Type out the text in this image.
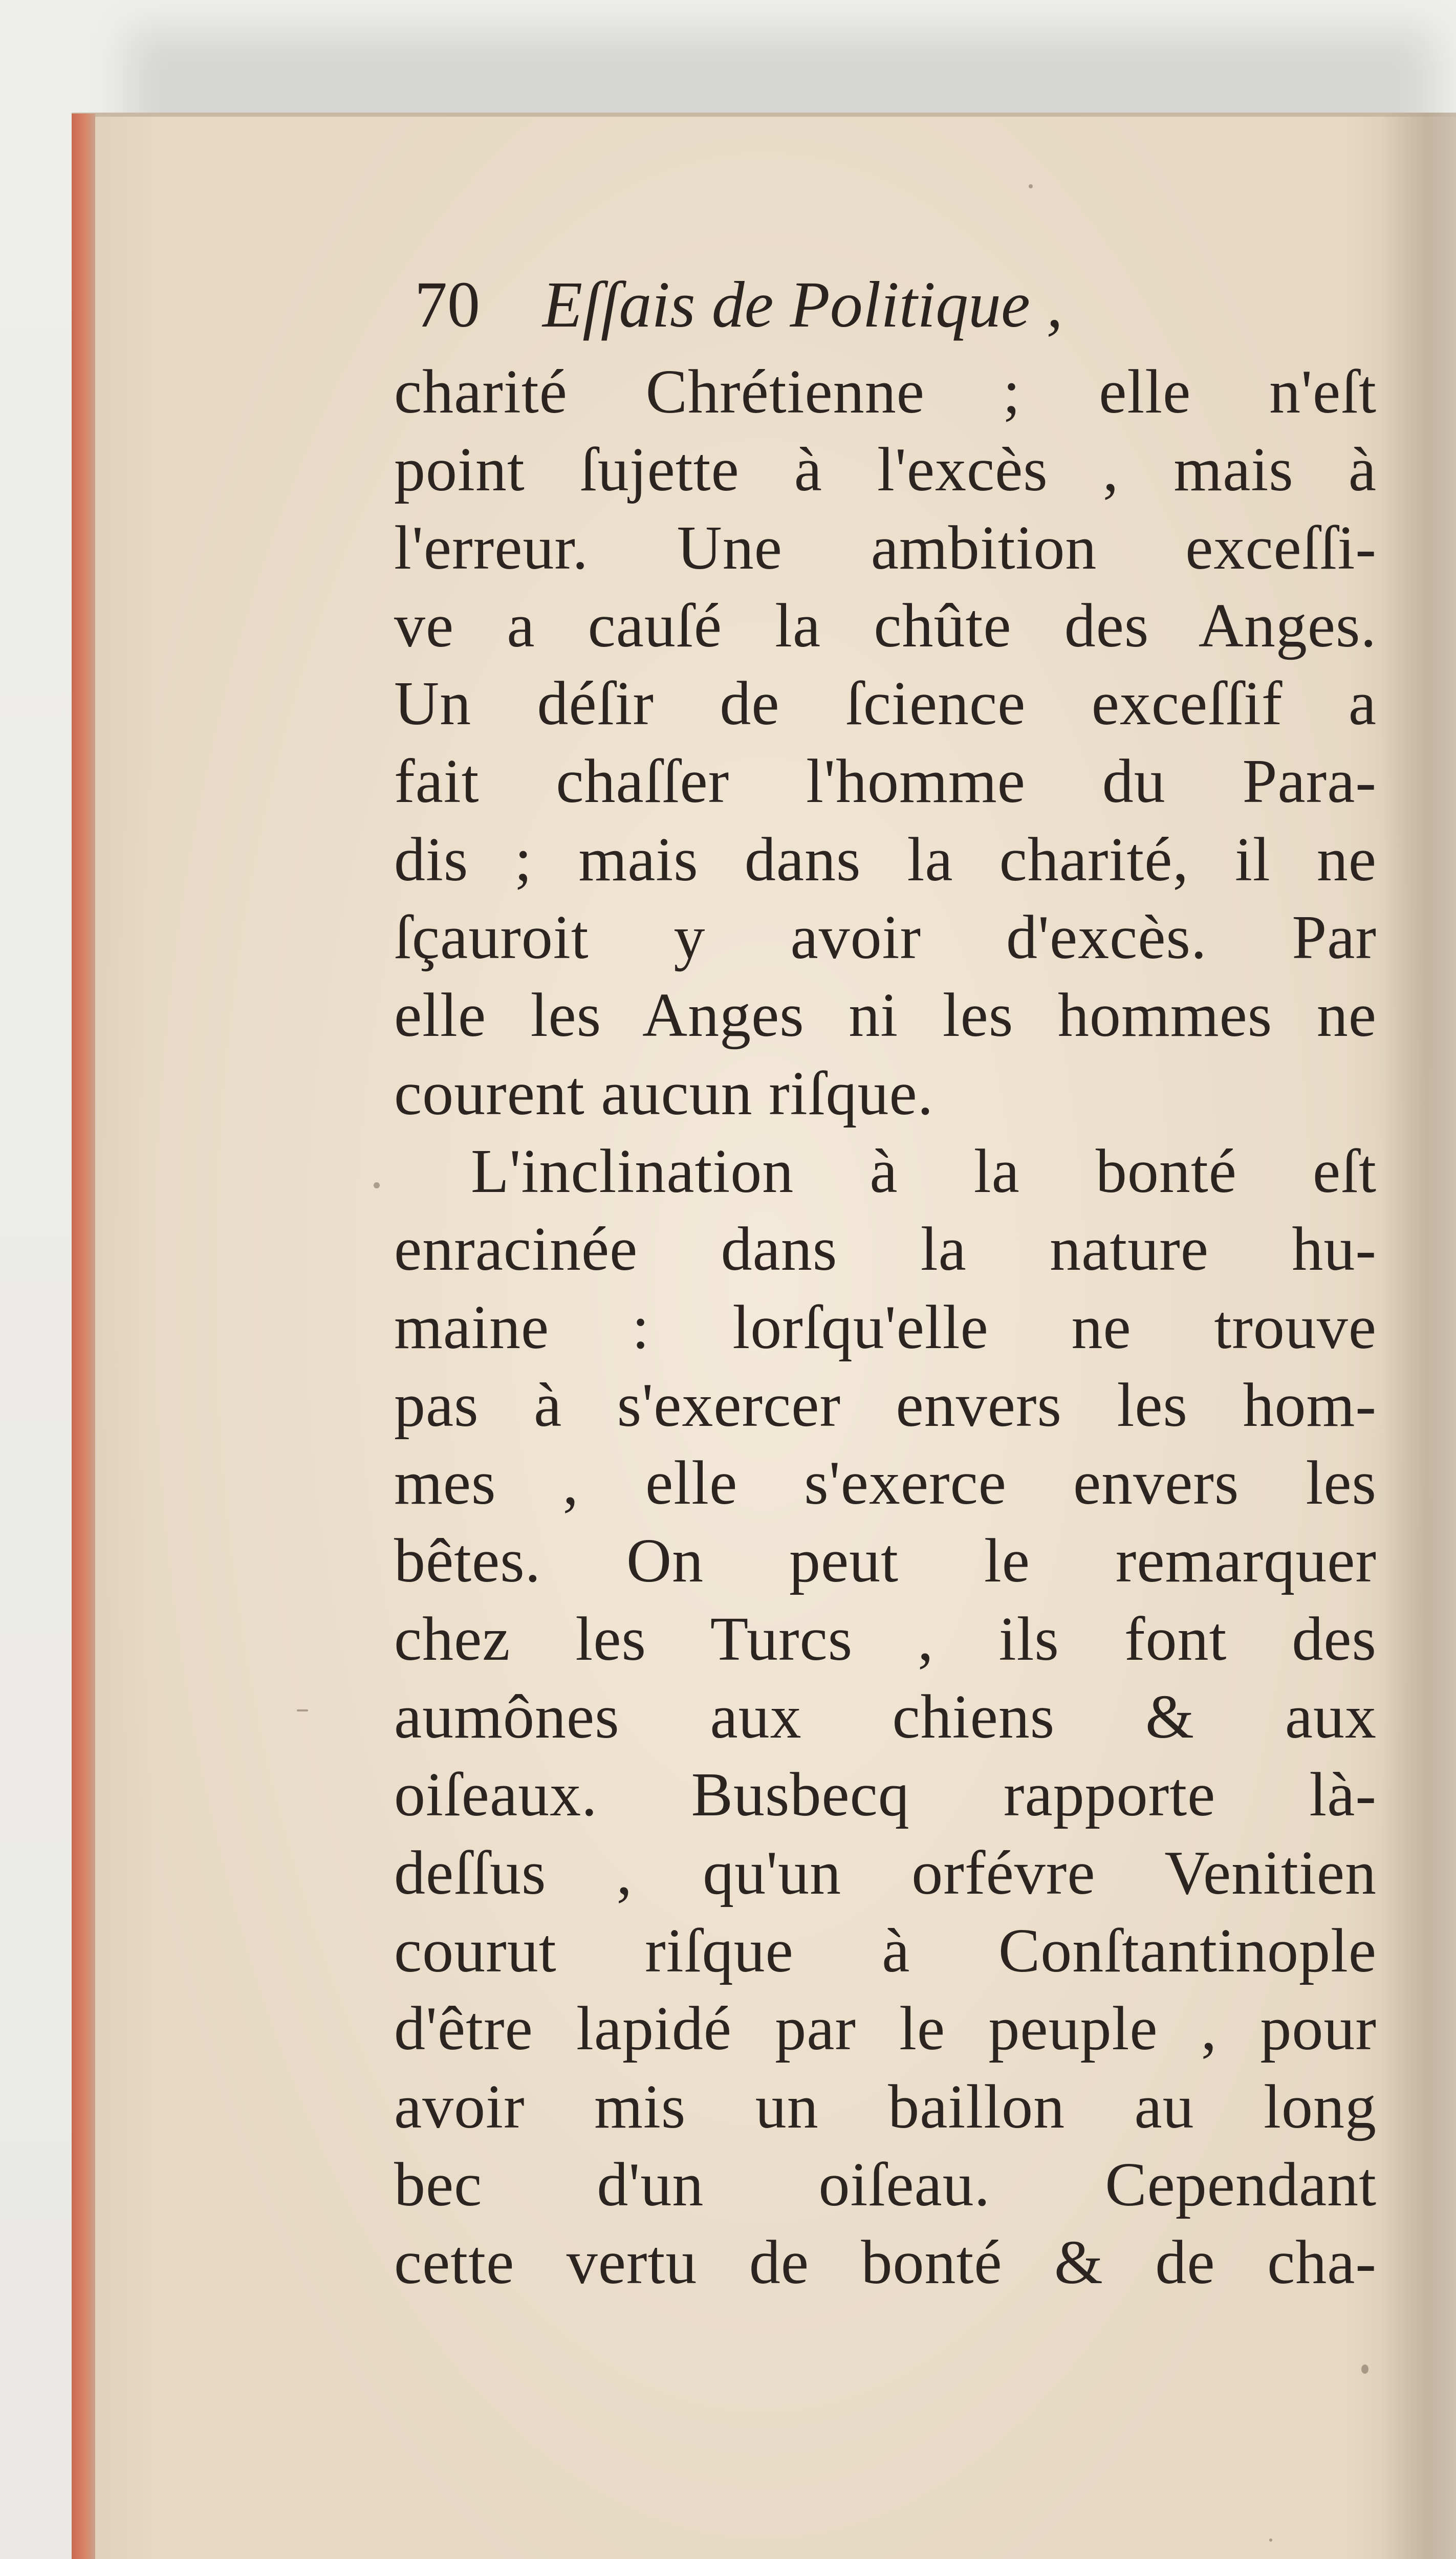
70 Eſſais de Politique ,
charité Chrétienne ; elle n'eſt
point ſujette à l'excès , mais à
l'erreur. Une ambition exceſſi-
ve a cauſé la chûte des Anges.
Un déſir de ſcience exceſſif a
fait chaſſer l'homme du Para-
dis ; mais dans la charité, il ne
ſçauroit y avoir d'excès. Par
elle les Anges ni les hommes ne
courent aucun riſque.
L'inclination à la bonté eſt
enracinée dans la nature hu-
maine : lorſqu'elle ne trouve
pas à s'exercer envers les hom-
mes , elle s'exerce envers les
bêtes. On peut le remarquer
chez les Turcs , ils font des
aumônes aux chiens & aux
oiſeaux. Busbecq rapporte là-
deſſus , qu'un orfévre Venitien
courut riſque à Conſtantinople
d'être lapidé par le peuple , pour
avoir mis un baillon au long
bec d'un oiſeau. Cependant
cette vertu de bonté & de cha-
